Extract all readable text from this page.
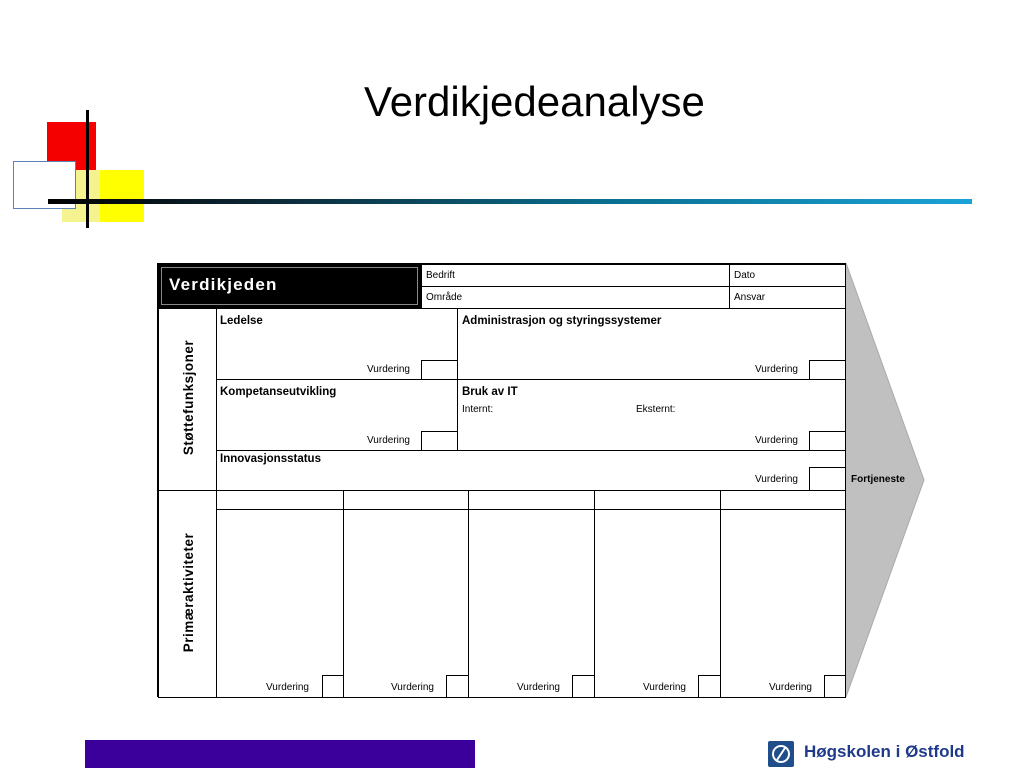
Verdikjedeanalyse
Fortjeneste
Verdikjeden	Bedrift	Dato
Område	Ansvar
Støttefunksjoner
Primæraktiviteter
Ledelse
Vurdering
Administrasjon og styringssystemer
Vurdering
Kompetanseutvikling
Vurdering
Bruk av IT
Internt:	Eksternt:
Vurdering
Innovasjonsstatus
Vurdering
Vurdering	Vurdering	Vurdering	Vurdering	Vurdering
Høgskolen i Østfold
